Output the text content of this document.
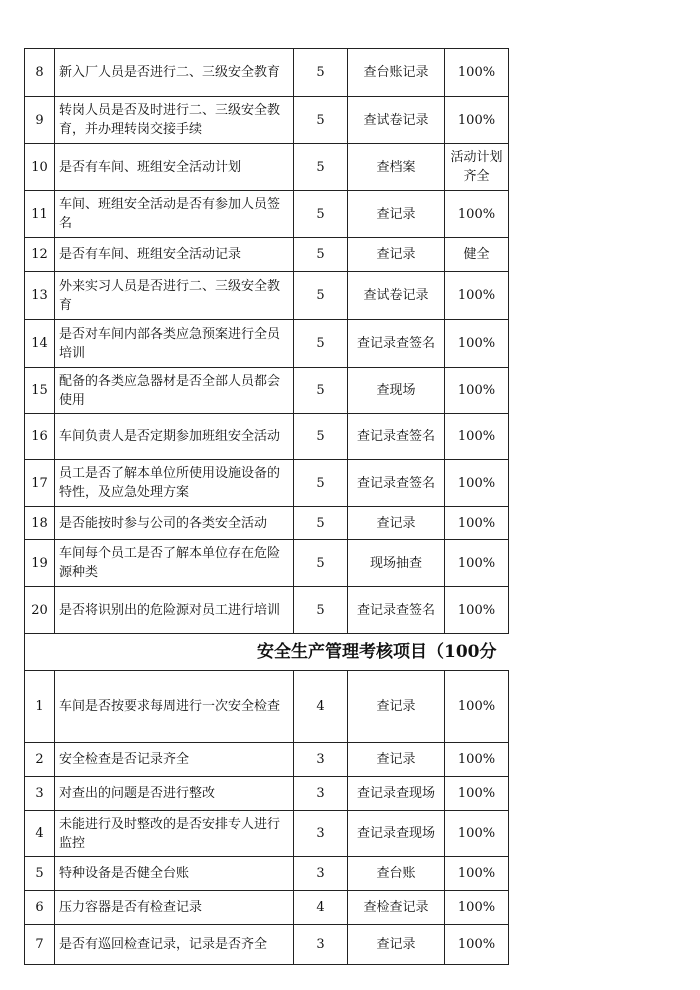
8	新入厂人员是否进行二、三级安全教育	5	查台账记录	100%
9	转岗人员是否及时进行二、三级安全教育，并办理转岗交接手续	5	查试卷记录	100%
10	是否有车间、班组安全活动计划	5	查档案	活动计划齐全
11	车间、班组安全活动是否有参加人员签名	5	查记录	100%
12	是否有车间、班组安全活动记录	5	查记录	健全
13	外来实习人员是否进行二、三级安全教育	5	查试卷记录	100%
14	是否对车间内部各类应急预案进行全员培训	5	查记录查签名	100%
15	配备的各类应急器材是否全部人员都会使用	5	查现场	100%
16	车间负责人是否定期参加班组安全活动	5	查记录查签名	100%
17	员工是否了解本单位所使用设施设备的特性，及应急处理方案	5	查记录查签名	100%
18	是否能按时参与公司的各类安全活动	5	查记录	100%
19	车间每个员工是否了解本单位存在危险源种类	5	现场抽查	100%
20	是否将识别出的危险源对员工进行培训	5	查记录查签名	100%
安全生产管理考核项目（100分				
1	车间是否按要求每周进行一次安全检查	4	查记录	100%
2	安全检查是否记录齐全	3	查记录	100%
3	对查出的问题是否进行整改	3	查记录查现场	100%
4	未能进行及时整改的是否安排专人进行监控	3	查记录查现场	100%
5	特种设备是否健全台账	3	查台账	100%
6	压力容器是否有检查记录	4	查检查记录	100%
7	是否有巡回检查记录，记录是否齐全	3	查记录	100%
